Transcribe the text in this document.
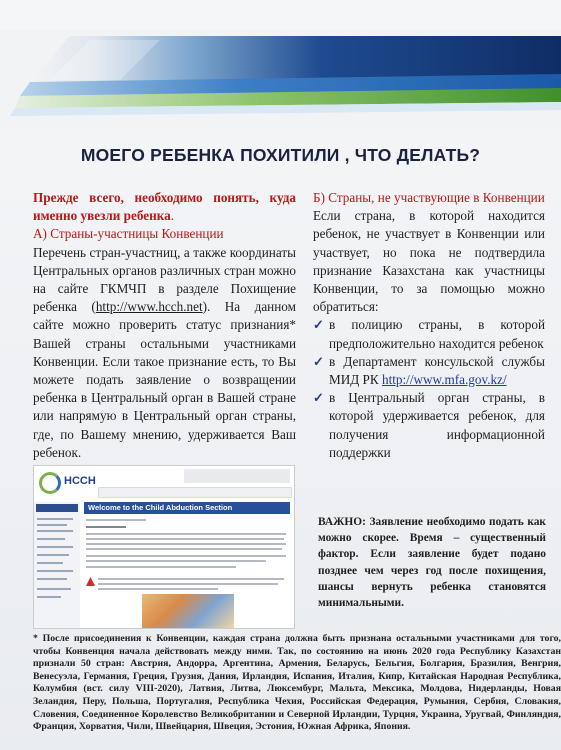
МОЕГО РЕБЕНКА ПОХИТИЛИ , ЧТО ДЕЛАТЬ?
Прежде всего, необходимо понять, куда именно увезли ребенка.
А) Страны-участницы Конвенции
Перечень стран-участниц, а также координаты Центральных органов различных стран можно на сайте ГКМЧП в разделе Похищение ребенка (http://www.hcch.net). На данном сайте можно проверить статус признания* Вашей страны остальными участниками Конвенции. Если такое признание есть, то Вы можете подать заявление о возвращении ребенка в Центральный орган в Вашей стране или напрямую в Центральный орган страны, где, по Вашему мнению, удерживается Ваш ребенок.
Б) Страны, не участвующие в Конвенции
Если страна, в которой находится ребенок, не участвует в Конвенции или участвует, но пока не подтвердила признание Казахстана как участницы Конвенции, то за помощью можно обратиться:
✓ в полицию страны, в которой предположительно находится ребенок
✓ в Департамент консульской службы МИД РК http://www.mfa.gov.kz/
✓ в Центральный орган страны, в которой удерживается ребенок, для получения информационной поддержки
HCCH
Welcome to the Child Abduction Section
ВАЖНО: Заявление необходимо подать как можно скорее. Время – существенный фактор. Если заявление будет подано позднее чем через год после похищения, шансы вернуть ребенка становятся минимальными.
* После присоединения к Конвенции, каждая страна должна быть признана остальными участниками для того, чтобы Конвенция начала действовать между ними. Так, по состоянию на июнь 2020 года Республику Казахстан признали 50 стран: Австрия, Андорра, Аргентина, Армения, Беларусь, Бельгия, Болгария, Бразилия, Венгрия, Венесуэла, Германия, Греция, Грузия, Дания, Ирландия, Испания, Италия, Кипр, Китайская Народная Республика, Колумбия (вст. силу VIII-2020), Латвия, Литва, Люксембург, Мальта, Мексика, Молдова, Нидерланды, Новая Зеландия, Перу, Польша, Португалия, Республика Чехия, Российская Федерация, Румыния, Сербия, Словакия, Словения, Соединенное Королевство Великобритании и Северной Ирландии, Турция, Украина, Уругвай, Финляндия, Франция, Хорватия, Чили, Швейцария, Швеция, Эстония, Южная Африка, Япония.
